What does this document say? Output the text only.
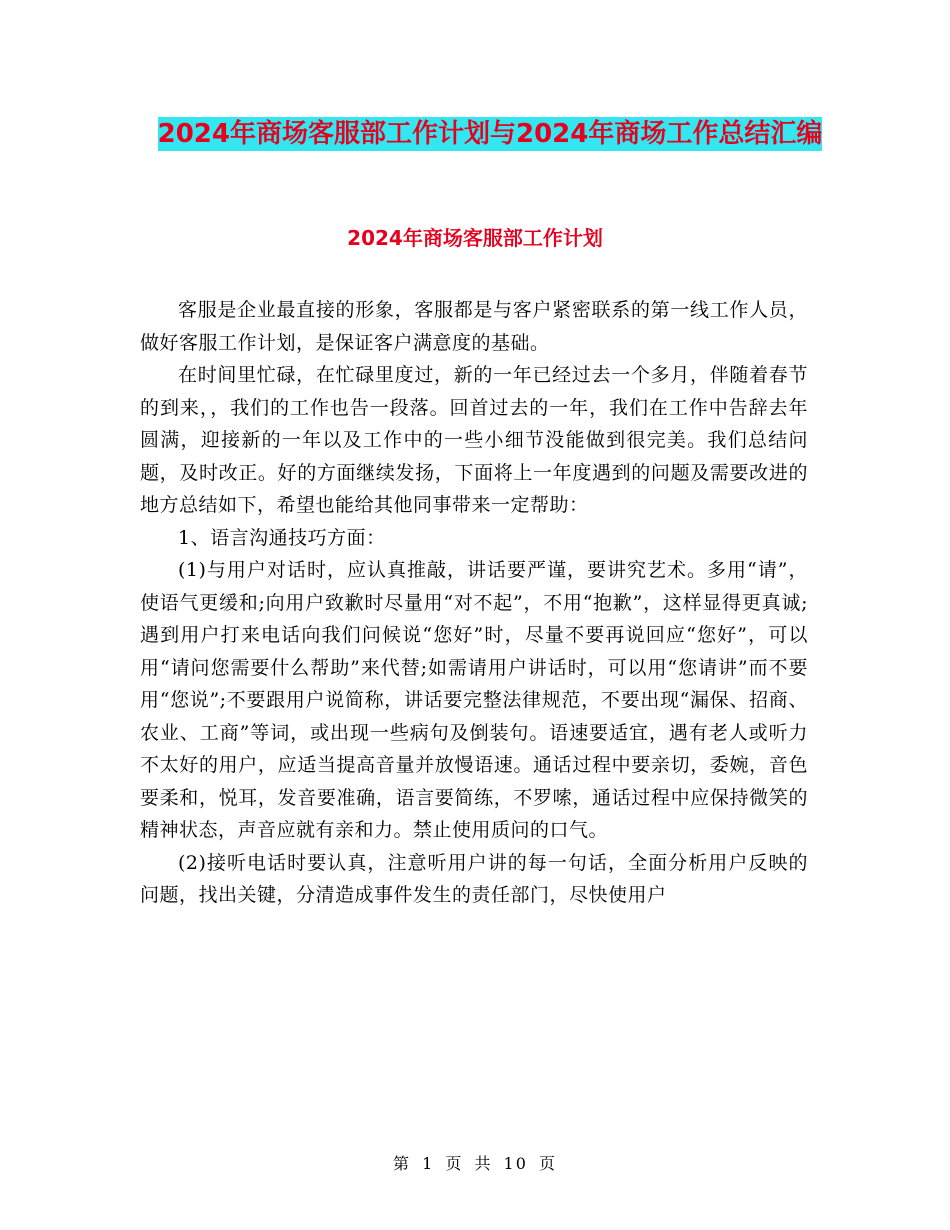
2024年商场客服部工作计划与2024年商场工作总结汇编
2024年商场客服部工作计划

客服是企业最直接的形象，客服都是与客户紧密联系的第一线工作人员，做好客服工作计划，是保证客户满意度的基础。

在时间里忙碌，在忙碌里度过，新的一年已经过去一个多月，伴随着春节的到来，，我们的工作也告一段落。回首过去的一年，我们在工作中告辞去年圆满，迎接新的一年以及工作中的一些小细节没能做到很完美。我们总结问题，及时改正。好的方面继续发扬，下面将上一年度遇到的问题及需要改进的地方总结如下，希望也能给其他同事带来一定帮助：

1、语言沟通技巧方面：

(1)与用户对话时，应认真推敲，讲话要严谨，要讲究艺术。多用“请”，使语气更缓和;向用户致歉时尽量用“对不起”，不用“抱歉”，这样显得更真诚;遇到用户打来电话向我们问候说“您好”时，尽量不要再说回应“您好”，可以用“请问您需要什么帮助”来代替;如需请用户讲话时，可以用“您请讲”而不要用“您说”;不要跟用户说简称，讲话要完整法律规范，不要出现“漏保、招商、农业、工商”等词，或出现一些病句及倒装句。语速要适宜，遇有老人或听力不太好的用户，应适当提高音量并放慢语速。通话过程中要亲切，委婉，音色要柔和，悦耳，发音要准确，语言要简练，不罗嗦，通话过程中应保持微笑的精神状态，声音应就有亲和力。禁止使用质问的口气。

(2)接听电话时要认真，注意听用户讲的每一句话，全面分析用户反映的问题，找出关键，分清造成事件发生的责任部门，尽快使用户

第 1 页 共 10 页
